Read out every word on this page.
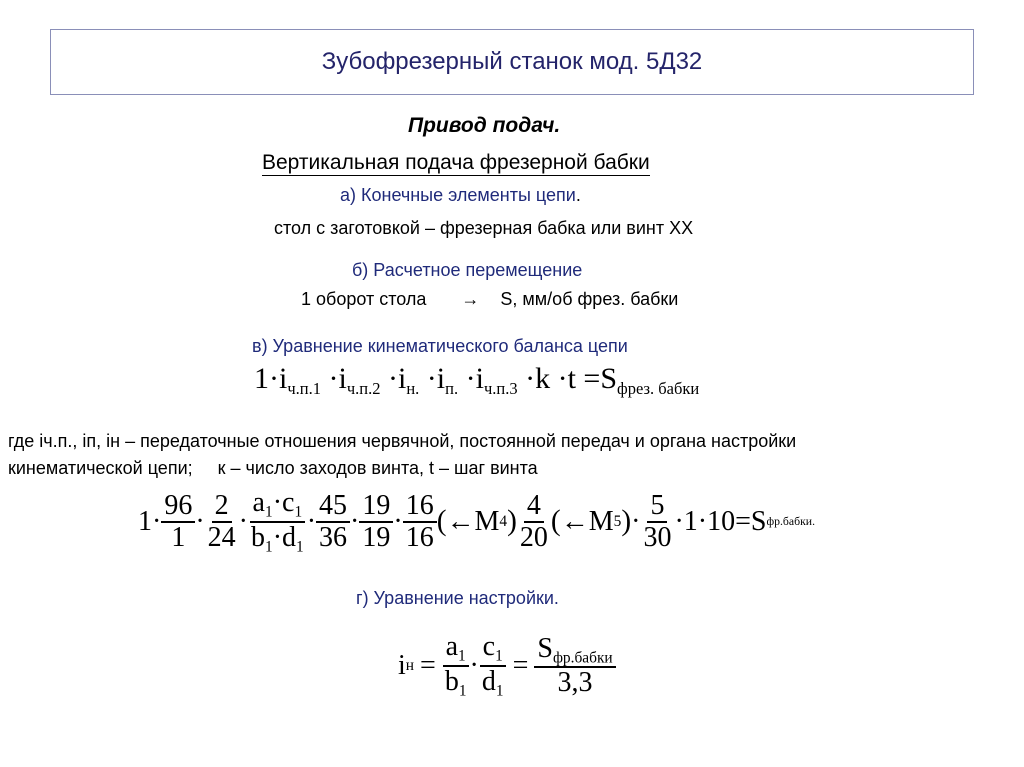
Зубофрезерный станок мод. 5Д32
Привод подач.
Вертикальная подача фрезерной бабки
а) Конечные элементы цепи.
стол с заготовкой – фрезерная бабка или винт ХХ
б) Расчетное перемещение
1 оборот стола → S, мм/об фрез. бабки
в) Уравнение кинематического баланса цепи
$1\cdot i_{ч.п.1} \cdot i_{ч.п.2} \cdot i_{н.} \cdot i_{п.} \cdot i_{ч.п.3} \cdot k \cdot t =S_{фрез. бабки}$
где iч.п., iп, iн – передаточные отношения червячной, постоянной передач и органа настройки
кинематической цепи;     к – число заходов винта, t – шаг винта
$1 \cdot \frac{96}{1} \cdot \frac{2}{24} \cdot \frac{a_1\cdot c_1}{b_1\cdot d_1} \cdot \frac{45}{36} \cdot \frac{19}{19} \cdot \frac{16}{16}$ ( ← M 4 ) $\frac{4}{20}$ ( ← M 5 ) · $\frac{5}{30} \cdot 1 \cdot 10 = S$ фр.бабки.
г) Уравнение настройки.
i $н = \frac{a_1}{b_1} \cdot \frac{c_1}{d_1} = \frac{S_{фр.бабки}}{3,3}$
